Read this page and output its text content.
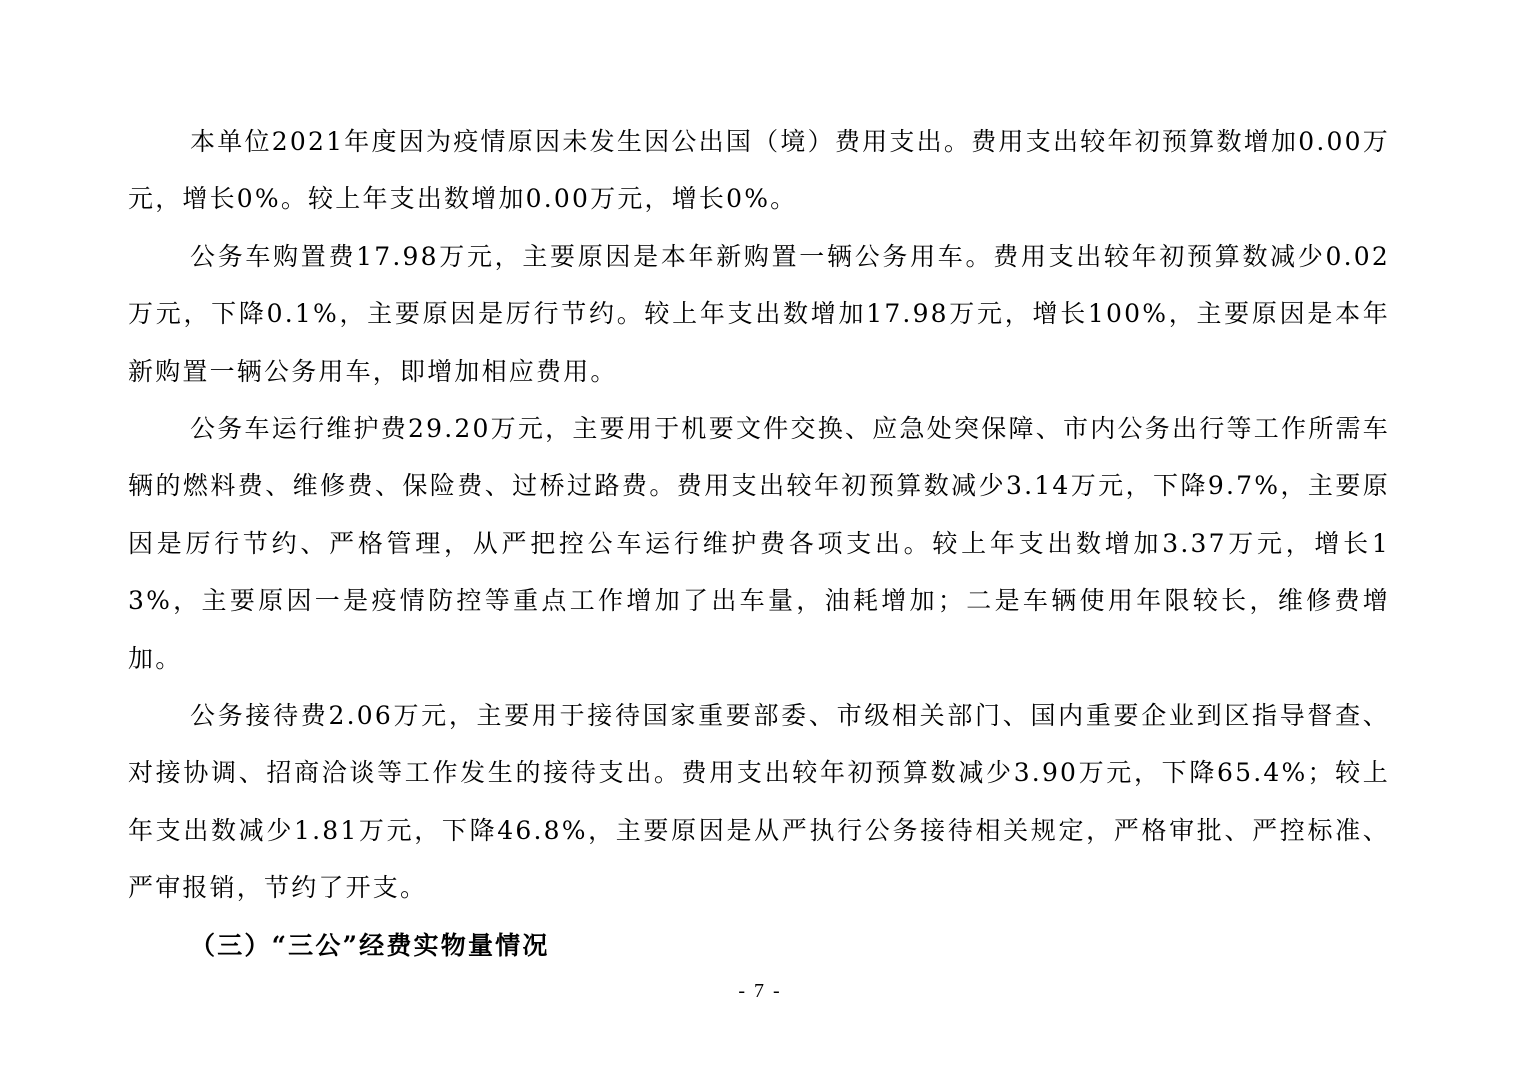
本单位2021年度因为疫情原因未发生因公出国（境）费用支出。费用支出较年初预算数增加0.00万元，增长0%。较上年支出数增加0.00万元，增长0%。

公务车购置费17.98万元，主要原因是本年新购置一辆公务用车。费用支出较年初预算数减少0.02万元，下降0.1%，主要原因是厉行节约。较上年支出数增加17.98万元，增长100%，主要原因是本年新购置一辆公务用车，即增加相应费用。

公务车运行维护费29.20万元，主要用于机要文件交换、应急处突保障、市内公务出行等工作所需车辆的燃料费、维修费、保险费、过桥过路费。费用支出较年初预算数减少3.14万元，下降9.7%，主要原因是厉行节约、严格管理，从严把控公车运行维护费各项支出。较上年支出数增加3.37万元，增长13%，主要原因一是疫情防控等重点工作增加了出车量，油耗增加；二是车辆使用年限较长，维修费增加。

公务接待费2.06万元，主要用于接待国家重要部委、市级相关部门、国内重要企业到区指导督查、对接协调、招商洽谈等工作发生的接待支出。费用支出较年初预算数减少3.90万元，下降65.4%；较上年支出数减少1.81万元，下降46.8%，主要原因是从严执行公务接待相关规定，严格审批、严控标准、严审报销，节约了开支。

（三）“三公”经费实物量情况

- 7 -
